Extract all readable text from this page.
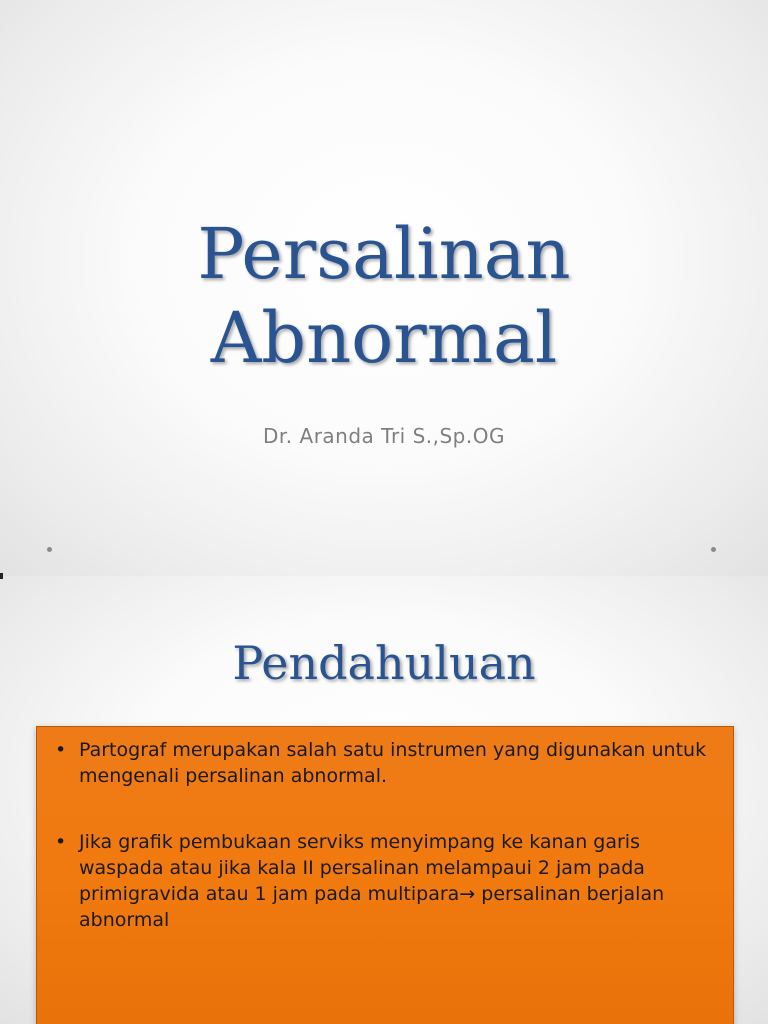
Persalinan
Abnormal
Dr. Aranda Tri S.,Sp.OG
Pendahuluan
• Partograf merupakan salah satu instrumen yang digunakan untuk mengenali persalinan abnormal.
• Jika grafik pembukaan serviks menyimpang ke kanan garis waspada atau jika kala II persalinan melampaui 2 jam pada primigravida atau 1 jam pada multipara→ persalinan berjalan abnormal
